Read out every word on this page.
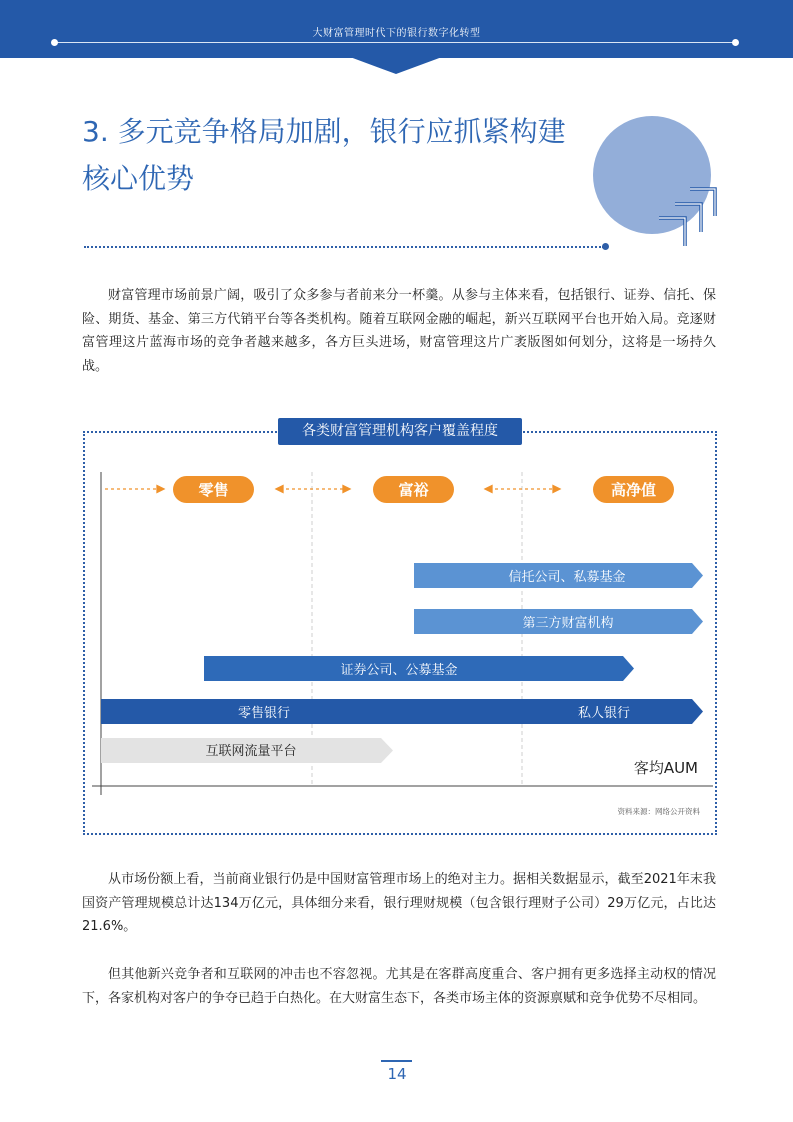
大财富管理时代下的银行数字化转型
3. 多元竞争格局加剧，银行应抓紧构建
核心优势

财富管理市场前景广阔，吸引了众多参与者前来分一杯羹。从参与主体来看，包括银行、证券、信托、保险、期货、基金、第三方代销平台等各类机构。随着互联网金融的崛起，新兴互联网平台也开始入局。竞逐财富管理这片蓝海市场的竞争者越来越多，各方巨头进场，财富管理这片广袤版图如何划分，这将是一场持久战。

各类财富管理机构客户覆盖程度
零售	富裕	高净值
信托公司、私募基金
第三方财富机构
证券公司、公募基金
零售银行	私人银行
互联网流量平台
客均AUM
资料来源：网络公开资料

从市场份额上看，当前商业银行仍是中国财富管理市场上的绝对主力。据相关数据显示，截至2021年末我国资产管理规模总计达134万亿元，具体细分来看，银行理财规模（包含银行理财子公司）29万亿元，占比达 21.6%。

但其他新兴竞争者和互联网的冲击也不容忽视。尤其是在客群高度重合、客户拥有更多选择主动权的情况下，各家机构对客户的争夺已趋于白热化。在大财富生态下，各类市场主体的资源禀赋和竞争优势不尽相同。

14
